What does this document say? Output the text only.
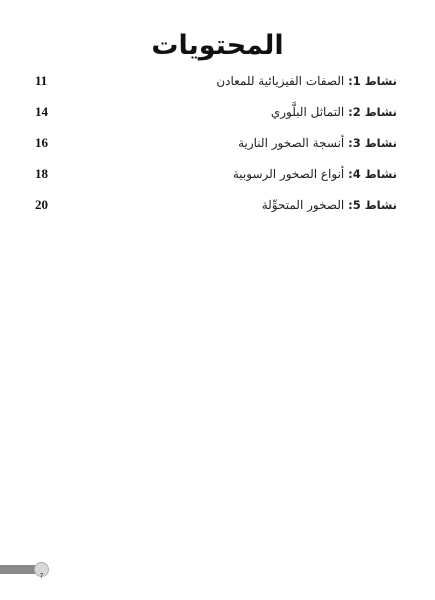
المحتويات
نشاط 1: الصفات الفيزيائية للمعادن
11
نشاط 2: التماثل البلَّوري
14
نشاط 3: أنسجة الصخور النارية
16
نشاط 4: أنواع الصخور الرسوبية
18
نشاط 5: الصخور المتحوِّلة
20
7
